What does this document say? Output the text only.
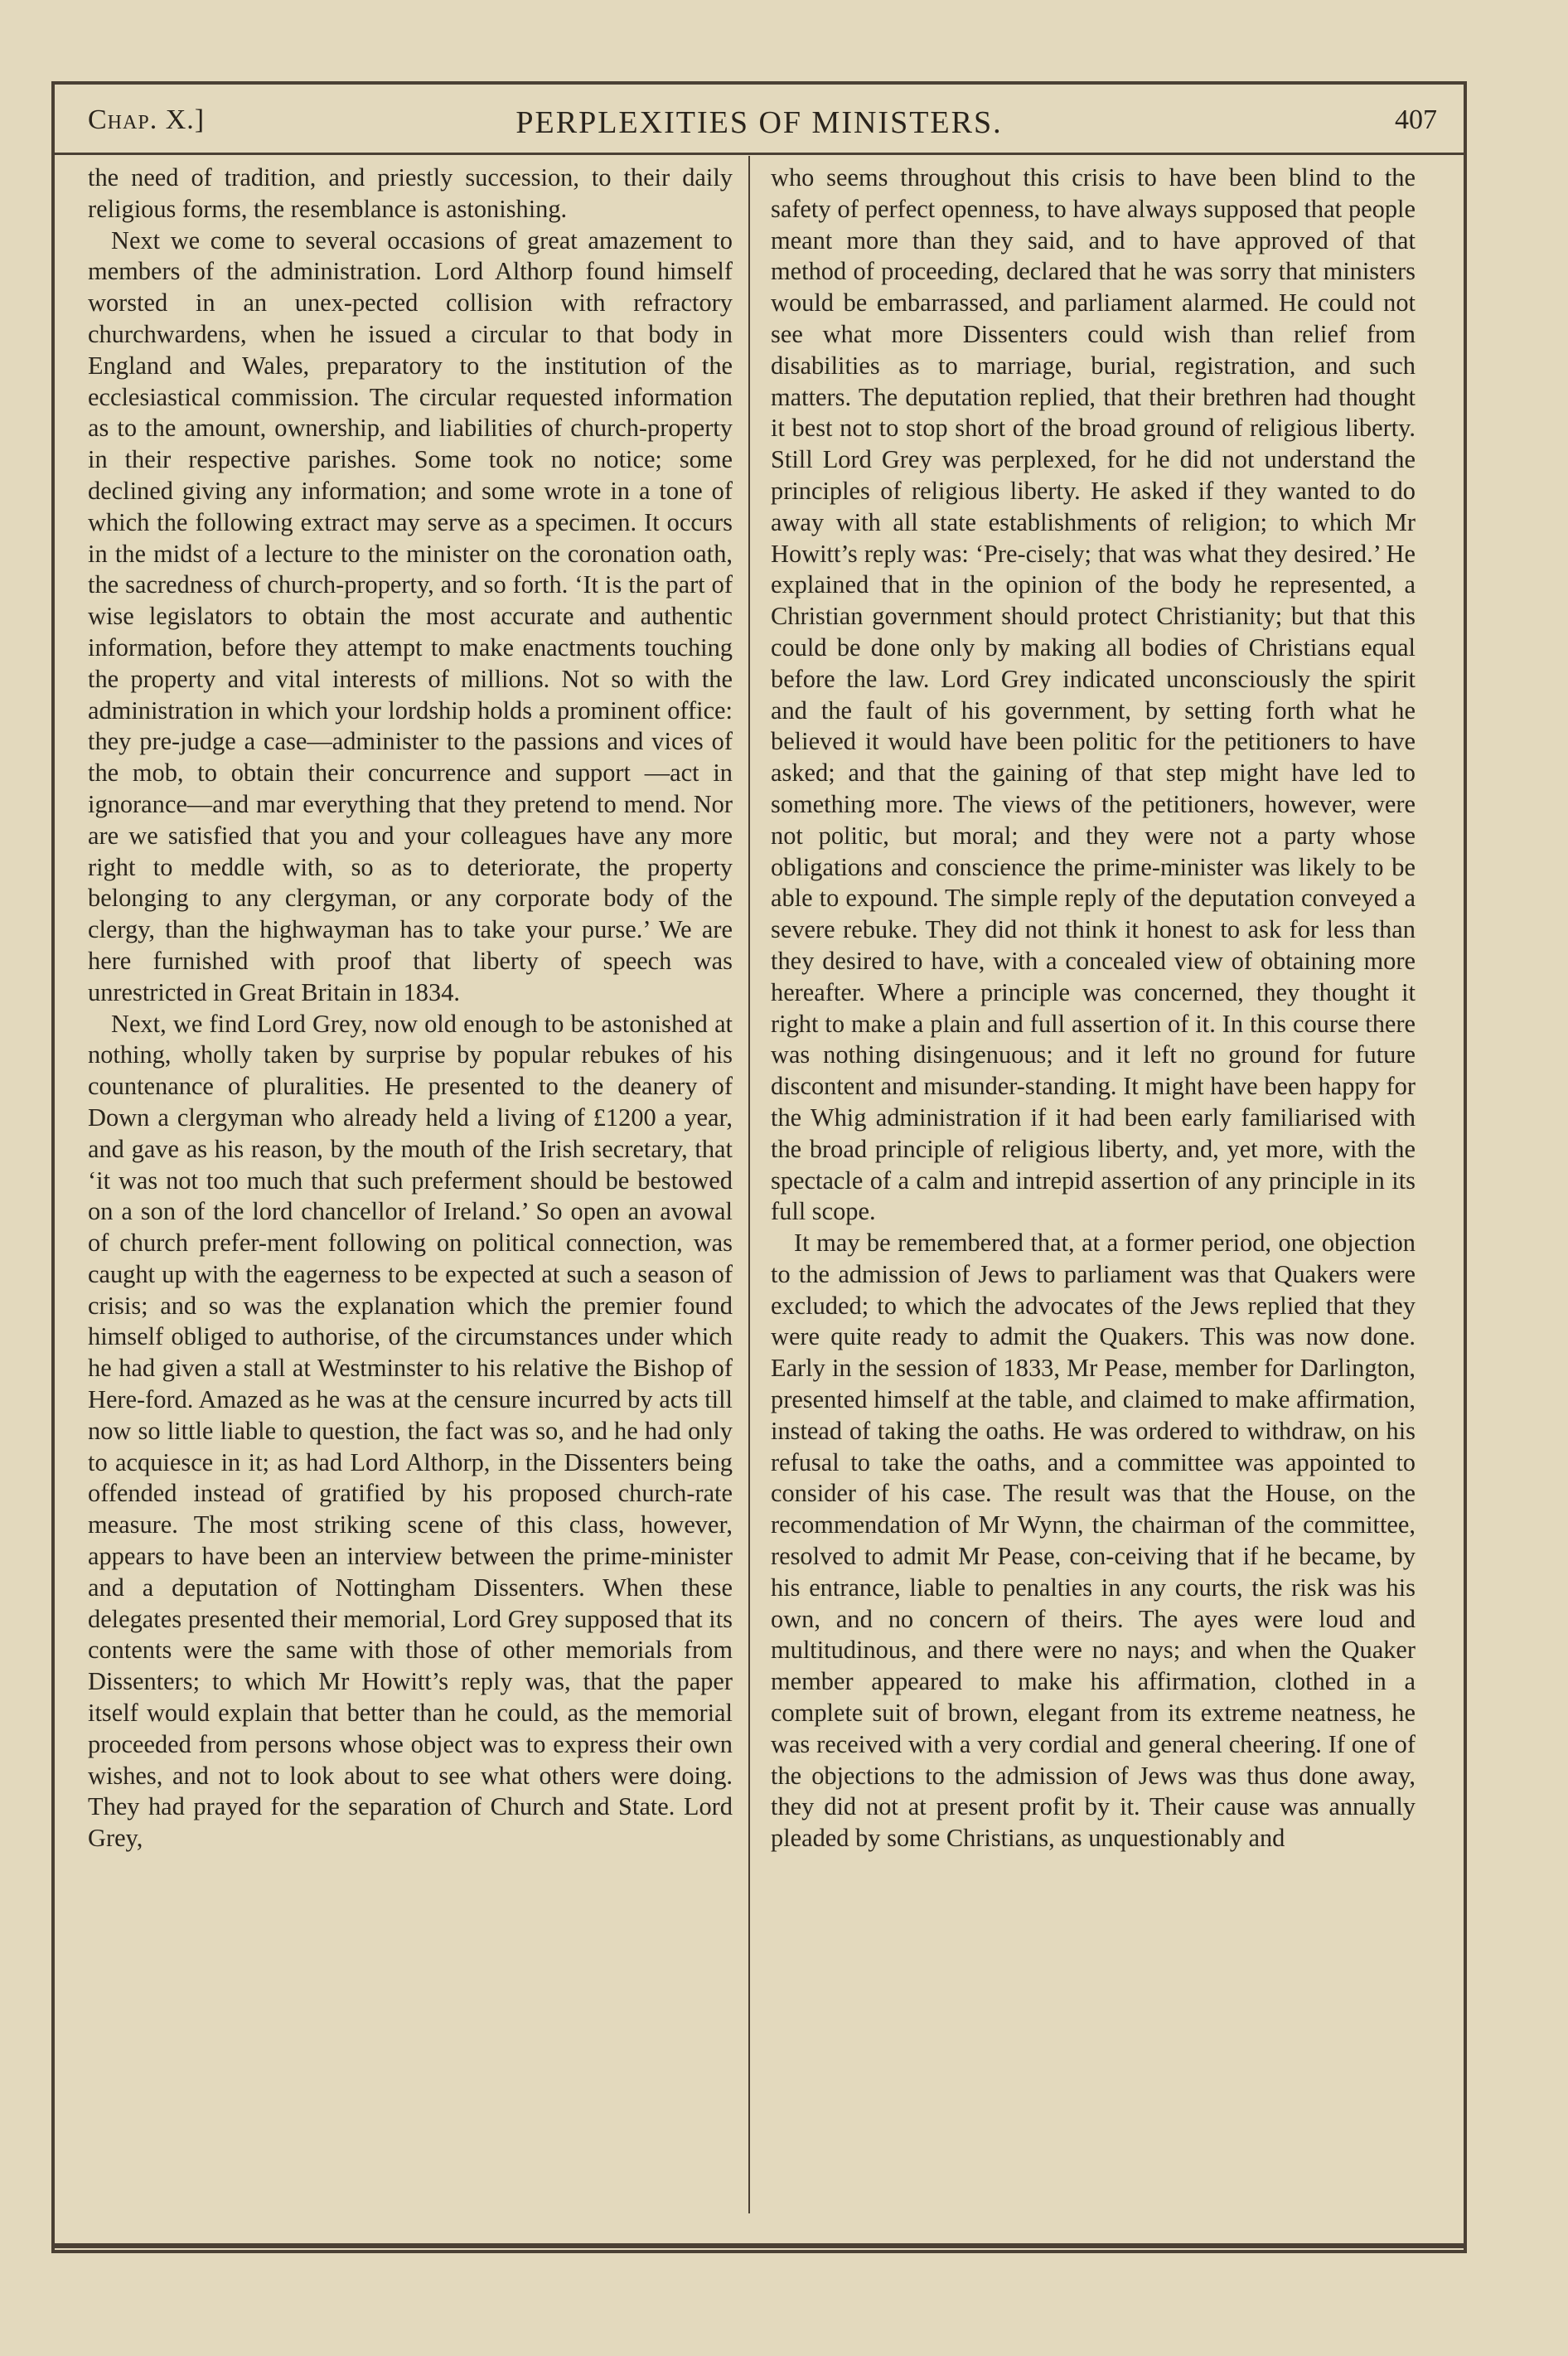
Chap. X.]	PERPLEXITIES OF MINISTERS.	407

the need of tradition, and priestly succession, to their daily religious forms, the resemblance is astonishing.

Next we come to several occasions of great amazement to members of the administration. Lord Althorp found himself worsted in an unex-pected collision with refractory churchwardens, when he issued a circular to that body in England and Wales, preparatory to the institution of the ecclesiastical commission. The circular requested information as to the amount, ownership, and liabilities of church-property in their respective parishes. Some took no notice; some declined giving any information; and some wrote in a tone of which the following extract may serve as a specimen. It occurs in the midst of a lecture to the minister on the coronation oath, the sacredness of church-property, and so forth. ‘It is the part of wise legislators to obtain the most accurate and authentic information, before they attempt to make enactments touching the property and vital interests of millions. Not so with the administration in which your lordship holds a prominent office: they pre-judge a case—administer to the passions and vices of the mob, to obtain their concurrence and support —act in ignorance—and mar everything that they pretend to mend. Nor are we satisfied that you and your colleagues have any more right to meddle with, so as to deteriorate, the property belonging to any clergyman, or any corporate body of the clergy, than the highwayman has to take your purse.’ We are here furnished with proof that liberty of speech was unrestricted in Great Britain in 1834.

Next, we find Lord Grey, now old enough to be astonished at nothing, wholly taken by surprise by popular rebukes of his countenance of pluralities. He presented to the deanery of Down a clergyman who already held a living of £1200 a year, and gave as his reason, by the mouth of the Irish secretary, that ‘it was not too much that such preferment should be bestowed on a son of the lord chancellor of Ireland.’ So open an avowal of church prefer-ment following on political connection, was caught up with the eagerness to be expected at such a season of crisis; and so was the explanation which the premier found himself obliged to authorise, of the circumstances under which he had given a stall at Westminster to his relative the Bishop of Here-ford. Amazed as he was at the censure incurred by acts till now so little liable to question, the fact was so, and he had only to acquiesce in it; as had Lord Althorp, in the Dissenters being offended instead of gratified by his proposed church-rate measure. The most striking scene of this class, however, appears to have been an interview between the prime-minister and a deputation of Nottingham Dissenters. When these delegates presented their memorial, Lord Grey supposed that its contents were the same with those of other memorials from Dissenters; to which Mr Howitt’s reply was, that the paper itself would explain that better than he could, as the memorial proceeded from persons whose object was to express their own wishes, and not to look about to see what others were doing. They had prayed for the separation of Church and State. Lord Grey,

who seems throughout this crisis to have been blind to the safety of perfect openness, to have always supposed that people meant more than they said, and to have approved of that method of proceeding, declared that he was sorry that ministers would be embarrassed, and parliament alarmed. He could not see what more Dissenters could wish than relief from disabilities as to marriage, burial, registration, and such matters. The deputation replied, that their brethren had thought it best not to stop short of the broad ground of religious liberty. Still Lord Grey was perplexed, for he did not understand the principles of religious liberty. He asked if they wanted to do away with all state establishments of religion; to which Mr Howitt’s reply was: ‘Pre-cisely; that was what they desired.’ He explained that in the opinion of the body he represented, a Christian government should protect Christianity; but that this could be done only by making all bodies of Christians equal before the law. Lord Grey indicated unconsciously the spirit and the fault of his government, by setting forth what he believed it would have been politic for the petitioners to have asked; and that the gaining of that step might have led to something more. The views of the petitioners, however, were not politic, but moral; and they were not a party whose obligations and conscience the prime-minister was likely to be able to expound. The simple reply of the deputation conveyed a severe rebuke. They did not think it honest to ask for less than they desired to have, with a concealed view of obtaining more hereafter. Where a principle was concerned, they thought it right to make a plain and full assertion of it. In this course there was nothing disingenuous; and it left no ground for future discontent and misunder-standing. It might have been happy for the Whig administration if it had been early familiarised with the broad principle of religious liberty, and, yet more, with the spectacle of a calm and intrepid assertion of any principle in its full scope.

It may be remembered that, at a former period, one objection to the admission of Jews to parliament was that Quakers were excluded; to which the advocates of the Jews replied that they were quite ready to admit the Quakers. This was now done. Early in the session of 1833, Mr Pease, member for Darlington, presented himself at the table, and claimed to make affirmation, instead of taking the oaths. He was ordered to withdraw, on his refusal to take the oaths, and a committee was appointed to consider of his case. The result was that the House, on the recommendation of Mr Wynn, the chairman of the committee, resolved to admit Mr Pease, con-ceiving that if he became, by his entrance, liable to penalties in any courts, the risk was his own, and no concern of theirs. The ayes were loud and multitudinous, and there were no nays; and when the Quaker member appeared to make his affirmation, clothed in a complete suit of brown, elegant from its extreme neatness, he was received with a very cordial and general cheering. If one of the objections to the admission of Jews was thus done away, they did not at present profit by it. Their cause was annually pleaded by some Christians, as unquestionably and
